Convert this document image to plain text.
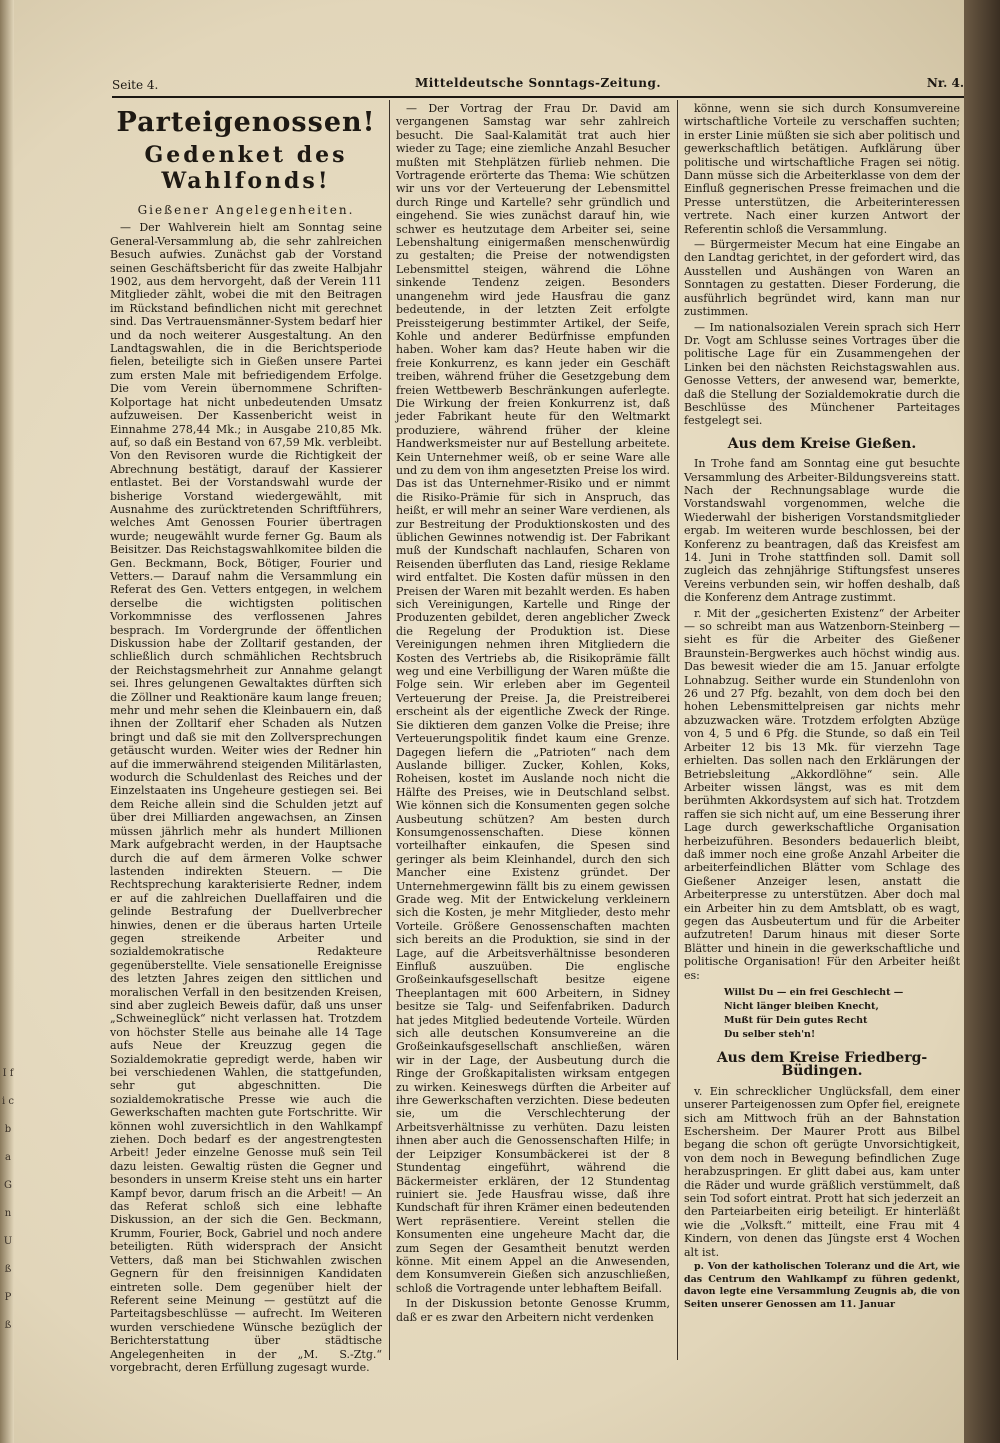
I f i c b a G n U ß P ß
Seite 4.	Mitteldeutsche Sonntags-Zeitung.	Nr. 4.
Parteigenossen!
Gedenket des Wahlfonds!
Gießener Angelegenheiten.

— Der Wahlverein hielt am Sonntag seine General-Versammlung ab, die sehr zahlreichen Besuch aufwies. Zunächst gab der Vorstand seinen Geschäftsbericht für das zweite Halbjahr 1902, aus dem hervorgeht, daß der Verein 111 Mitglieder zählt, wobei die mit den Beitragen im Rückstand befindlichen nicht mit gerechnet sind. Das Vertrauensmänner-System bedarf hier und da noch weiterer Ausgestaltung. An den Landtagswahlen, die in die Berichtsperiode fielen, beteiligte sich in Gießen unsere Partei zum ersten Male mit befriedigendem Erfolge. Die vom Verein übernommene Schriften-Kolportage hat nicht unbedeutenden Umsatz aufzuweisen. Der Kassenbericht weist in Einnahme 278,44 Mk.; in Ausgabe 210,85 Mk. auf, so daß ein Bestand von 67,59 Mk. verbleibt. Von den Revisoren wurde die Richtigkeit der Abrechnung bestätigt, darauf der Kassierer entlastet. Bei der Vorstandswahl wurde der bisherige Vorstand wiedergewählt, mit Ausnahme des zurücktretenden Schriftführers, welches Amt Genossen Fourier übertragen wurde; neugewählt wurde ferner Gg. Baum als Beisitzer. Das Reichstagswahlkomitee bilden die Gen. Beckmann, Bock, Bötiger, Fourier und Vetters.— Darauf nahm die Versammlung ein Referat des Gen. Vetters entgegen, in welchem derselbe die wichtigsten politischen Vorkommnisse des verflossenen Jahres besprach. Im Vordergrunde der öffentlichen Diskussion habe der Zolltarif gestanden, der schließlich durch schmählichen Rechtsbruch der Reichstagsmehrheit zur Annahme gelangt sei. Ihres gelungenen Gewaltaktes dürften sich die Zöllner und Reaktionäre kaum lange freuen; mehr und mehr sehen die Kleinbauern ein, daß ihnen der Zolltarif eher Schaden als Nutzen bringt und daß sie mit den Zollversprechungen getäuscht wurden. Weiter wies der Redner hin auf die immerwährend steigenden Militärlasten, wodurch die Schuldenlast des Reiches und der Einzelstaaten ins Ungeheure gestiegen sei. Bei dem Reiche allein sind die Schulden jetzt auf über drei Milliarden angewachsen, an Zinsen müssen jährlich mehr als hundert Millionen Mark aufgebracht werden, in der Hauptsache durch die auf dem ärmeren Volke schwer lastenden indirekten Steuern. — Die Rechtsprechung karakterisierte Redner, indem er auf die zahlreichen Duellaffairen und die gelinde Bestrafung der Duellverbrecher hinwies, denen er die überaus harten Urteile gegen streikende Arbeiter und sozialdemokratische Redakteure gegenüberstellte. Viele sensationelle Ereignisse des letzten Jahres zeigen den sittlichen und moralischen Verfall in den besitzenden Kreisen, sind aber zugleich Beweis dafür, daß uns unser „Schweineglück“ nicht verlassen hat. Trotzdem von höchster Stelle aus beinahe alle 14 Tage aufs Neue der Kreuzzug gegen die Sozialdemokratie gepredigt werde, haben wir bei verschiedenen Wahlen, die stattgefunden, sehr gut abgeschnitten. Die sozialdemokratische Presse wie auch die Gewerkschaften machten gute Fortschritte. Wir können wohl zuversichtlich in den Wahlkampf ziehen. Doch bedarf es der angestrengtesten Arbeit! Jeder einzelne Genosse muß sein Teil dazu leisten. Gewaltig rüsten die Gegner und besonders in unserm Kreise steht uns ein harter Kampf bevor, darum frisch an die Arbeit! — An das Referat schloß sich eine lebhafte Diskussion, an der sich die Gen. Beckmann, Krumm, Fourier, Bock, Gabriel und noch andere beteiligten. Rüth widersprach der Ansicht Vetters, daß man bei Stichwahlen zwischen Gegnern für den freisinnigen Kandidaten eintreten solle. Dem gegenüber hielt der Referent seine Meinung — gestützt auf die Parteitagsbeschlüsse — aufrecht. Im Weiteren wurden verschiedene Wünsche bezüglich der Berichterstattung über städtische Angelegenheiten in der „M. S.-Ztg.“ vorgebracht, deren Erfüllung zugesagt wurde.

— Der Vortrag der Frau Dr. David am vergangenen Samstag war sehr zahlreich besucht. Die Saal-Kalamität trat auch hier wieder zu Tage; eine ziemliche Anzahl Besucher mußten mit Stehplätzen fürlieb nehmen. Die Vortragende erörterte das Thema: Wie schützen wir uns vor der Verteuerung der Lebensmittel durch Ringe und Kartelle? sehr gründlich und eingehend. Sie wies zunächst darauf hin, wie schwer es heutzutage dem Arbeiter sei, seine Lebenshaltung einigermaßen menschenwürdig zu gestalten; die Preise der notwendigsten Lebensmittel steigen, während die Löhne sinkende Tendenz zeigen. Besonders unangenehm wird jede Hausfrau die ganz bedeutende, in der letzten Zeit erfolgte Preissteigerung bestimmter Artikel, der Seife, Kohle und anderer Bedürfnisse empfunden haben. Woher kam das? Heute haben wir die freie Konkurrenz, es kann jeder ein Geschäft treiben, während früher die Gesetzgebung dem freien Wettbewerb Beschränkungen auferlegte. Die Wirkung der freien Konkurrenz ist, daß jeder Fabrikant heute für den Weltmarkt produziere, während früher der kleine Handwerksmeister nur auf Bestellung arbeitete. Kein Unternehmer weiß, ob er seine Ware alle und zu dem von ihm angesetzten Preise los wird. Das ist das Unternehmer-Risiko und er nimmt die Risiko-Prämie für sich in Anspruch, das heißt, er will mehr an seiner Ware verdienen, als zur Bestreitung der Produktionskosten und des üblichen Gewinnes notwendig ist. Der Fabrikant muß der Kundschaft nachlaufen, Scharen von Reisenden überfluten das Land, riesige Reklame wird entfaltet. Die Kosten dafür müssen in den Preisen der Waren mit bezahlt werden. Es haben sich Vereinigungen, Kartelle und Ringe der Produzenten gebildet, deren angeblicher Zweck die Regelung der Produktion ist. Diese Vereinigungen nehmen ihren Mitgliedern die Kosten des Vertriebs ab, die Risikoprämie fällt weg und eine Verbilligung der Waren müßte die Folge sein. Wir erleben aber im Gegenteil Verteuerung der Preise. Ja, die Preistreiberei erscheint als der eigentliche Zweck der Ringe. Sie diktieren dem ganzen Volke die Preise; ihre Verteuerungspolitik findet kaum eine Grenze. Dagegen liefern die „Patrioten“ nach dem Auslande billiger. Zucker, Kohlen, Koks, Roheisen, kostet im Auslande noch nicht die Hälfte des Preises, wie in Deutschland selbst. Wie können sich die Konsumenten gegen solche Ausbeutung schützen? Am besten durch Konsumgenossenschaften. Diese können vorteilhafter einkaufen, die Spesen sind geringer als beim Kleinhandel, durch den sich Mancher eine Existenz gründet. Der Unternehmergewinn fällt bis zu einem gewissen Grade weg. Mit der Entwickelung verkleinern sich die Kosten, je mehr Mitglieder, desto mehr Vorteile. Größere Genossenschaften machten sich bereits an die Produktion, sie sind in der Lage, auf die Arbeitsverhältnisse besonderen Einfluß auszuüben. Die englische Großeinkaufsgesellschaft besitze eigene Theeplantagen mit 600 Arbeitern, in Sidney besitze sie Talg- und Seifenfabriken. Dadurch hat jedes Mitglied bedeutende Vorteile. Würden sich alle deutschen Konsumvereine an die Großeinkaufsgesellschaft anschließen, wären wir in der Lage, der Ausbeutung durch die Ringe der Großkapitalisten wirksam entgegen zu wirken. Keineswegs dürften die Arbeiter auf ihre Gewerkschaften verzichten. Diese bedeuten sie, um die Verschlechterung der Arbeitsverhältnisse zu verhüten. Dazu leisten ihnen aber auch die Genossenschaften Hilfe; in der Leipziger Konsumbäckerei ist der 8 Stundentag eingeführt, während die Bäckermeister erklären, der 12 Stundentag ruiniert sie. Jede Hausfrau wisse, daß ihre Kundschaft für ihren Krämer einen bedeutenden Wert repräsentiere. Vereint stellen die Konsumenten eine ungeheure Macht dar, die zum Segen der Gesamtheit benutzt werden könne. Mit einem Appel an die Anwesenden, dem Konsumverein Gießen sich anzuschließen, schloß die Vortragende unter lebhaftem Beifall.

In der Diskussion betonte Genosse Krumm, daß er es zwar den Arbeitern nicht verdenken

könne, wenn sie sich durch Konsumvereine wirtschaftliche Vorteile zu verschaffen suchten; in erster Linie müßten sie sich aber politisch und gewerkschaftlich betätigen. Aufklärung über politische und wirtschaftliche Fragen sei nötig. Dann müsse sich die Arbeiterklasse von dem der Einfluß gegnerischen Presse freimachen und die Presse unterstützen, die Arbeiterinteressen vertrete. Nach einer kurzen Antwort der Referentin schloß die Versammlung.

— Bürgermeister Mecum hat eine Eingabe an den Landtag gerichtet, in der gefordert wird, das Ausstellen und Aushängen von Waren an Sonntagen zu gestatten. Dieser Forderung, die ausführlich begründet wird, kann man nur zustimmen.

— Im nationalsozialen Verein sprach sich Herr Dr. Vogt am Schlusse seines Vortrages über die politische Lage für ein Zusammengehen der Linken bei den nächsten Reichstagswahlen aus. Genosse Vetters, der anwesend war, bemerkte, daß die Stellung der Sozialdemokratie durch die Beschlüsse des Münchener Parteitages festgelegt sei.

Aus dem Kreise Gießen.

In Trohe fand am Sonntag eine gut besuchte Versammlung des Arbeiter-Bildungsvereins statt. Nach der Rechnungsablage wurde die Vorstandswahl vorgenommen, welche die Wiederwahl der bisherigen Vorstandsmitglieder ergab. Im weiteren wurde beschlossen, bei der Konferenz zu beantragen, daß das Kreisfest am 14. Juni in Trohe stattfinden soll. Damit soll zugleich das zehnjährige Stiftungsfest unseres Vereins verbunden sein, wir hoffen deshalb, daß die Konferenz dem Antrage zustimmt.

r. Mit der „gesicherten Existenz“ der Arbeiter — so schreibt man aus Watzenborn-Steinberg — sieht es für die Arbeiter des Gießener Braunstein-Bergwerkes auch höchst windig aus. Das bewesit wieder die am 15. Januar erfolgte Lohnabzug. Seither wurde ein Stundenlohn von 26 und 27 Pfg. bezahlt, von dem doch bei den hohen Lebensmittelpreisen gar nichts mehr abzuzwacken wäre. Trotzdem erfolgten Abzüge von 4, 5 und 6 Pfg. die Stunde, so daß ein Teil Arbeiter 12 bis 13 Mk. für vierzehn Tage erhielten. Das sollen nach den Erklärungen der Betriebsleitung „Akkordlöhne“ sein. Alle Arbeiter wissen längst, was es mit dem berühmten Akkordsystem auf sich hat. Trotzdem raffen sie sich nicht auf, um eine Besserung ihrer Lage durch gewerkschaftliche Organisation herbeizuführen. Besonders bedauerlich bleibt, daß immer noch eine große Anzahl Arbeiter die arbeiterfeindlichen Blätter vom Schlage des Gießener Anzeiger lesen, anstatt die Arbeiterpresse zu unterstützen. Aber doch mal ein Arbeiter hin zu dem Amtsblatt, ob es wagt, gegen das Ausbeutertum und für die Arbeiter aufzutreten! Darum hinaus mit dieser Sorte Blätter und hinein in die gewerkschaftliche und politische Organisation! Für den Arbeiter heißt es:

Willst Du — ein frei Geschlecht —
Nicht länger bleiben Knecht,
Mußt für Dein gutes Recht
Du selber steh'n!
Aus dem Kreise Friedberg-Büdingen.

v. Ein schrecklicher Unglücksfall, dem einer unserer Parteigenossen zum Opfer fiel, ereignete sich am Mittwoch früh an der Bahnstation Eschersheim. Der Maurer Prott aus Bilbel begang die schon oft gerügte Unvorsichtigkeit, von dem noch in Bewegung befindlichen Zuge herabzuspringen. Er glitt dabei aus, kam unter die Räder und wurde gräßlich verstümmelt, daß sein Tod sofort eintrat. Prott hat sich jederzeit an den Parteiarbeiten eirig beteiligt. Er hinterläßt wie die „Volksft.“ mitteilt, eine Frau mit 4 Kindern, von denen das Jüngste erst 4 Wochen alt ist.

p. Von der katholischen Toleranz und die Art, wie das Centrum den Wahlkampf zu führen gedenkt, davon legte eine Versammlung Zeugnis ab, die von Seiten unserer Genossen am 11. Januar
